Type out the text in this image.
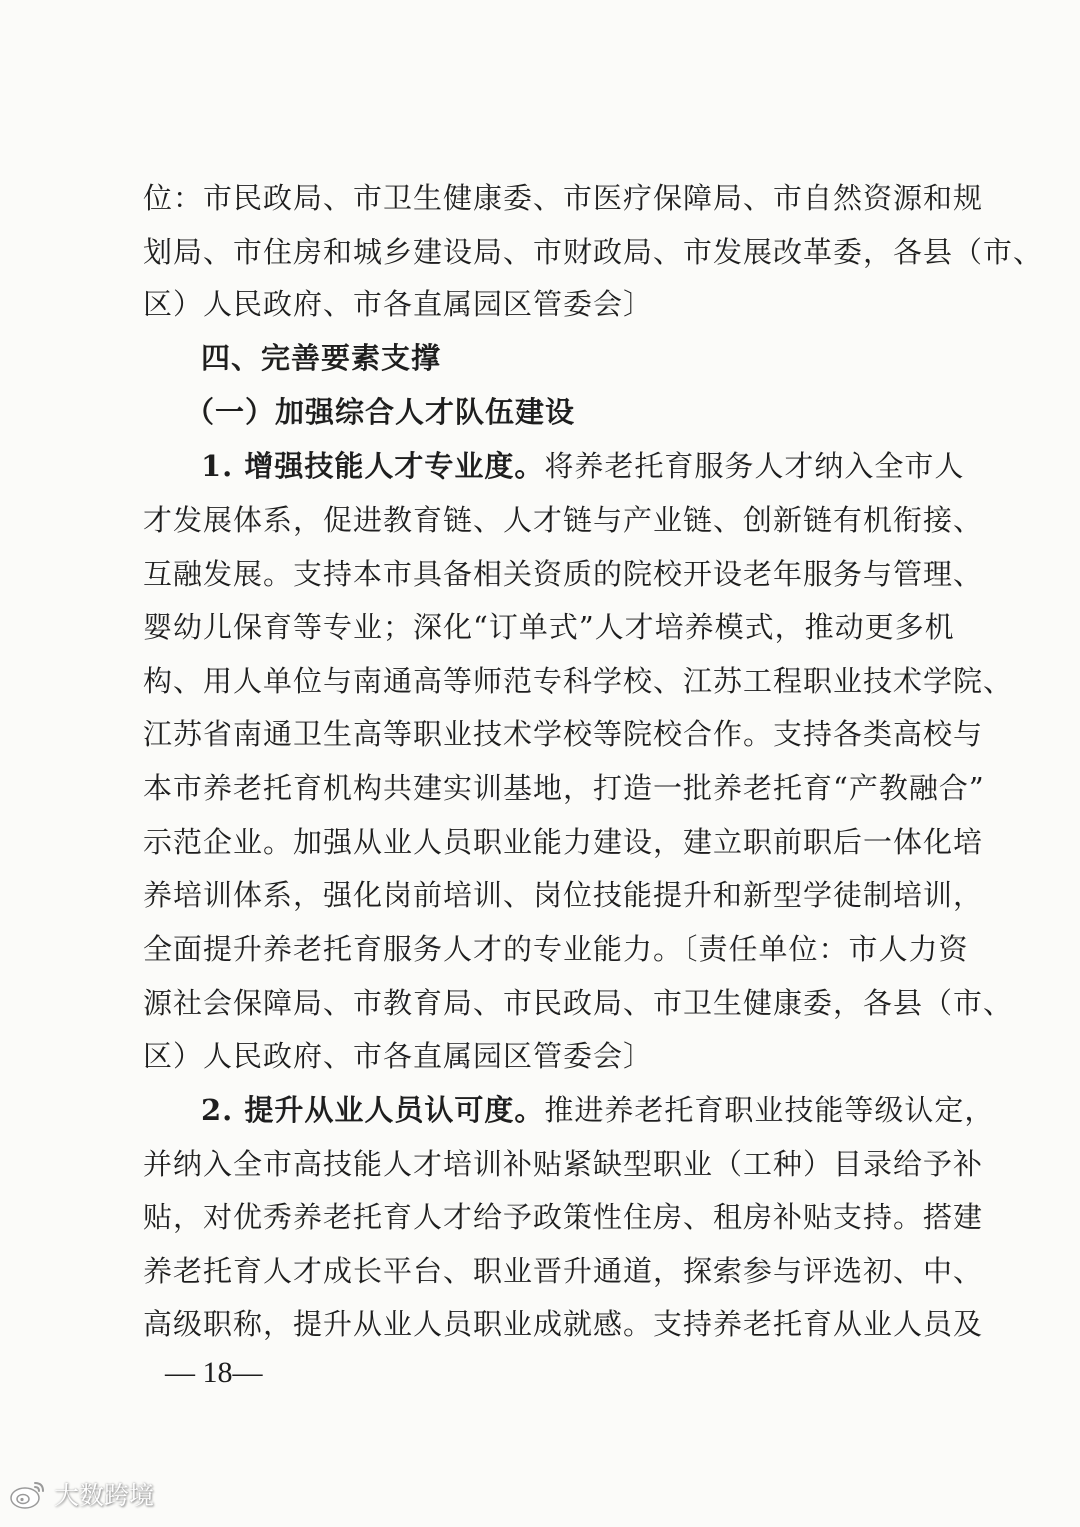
位：市民政局、市卫生健康委、市医疗保障局、市自然资源和规
划局、市住房和城乡建设局、市财政局、市发展改革委，各县（市、
区）人民政府、市各直属园区管委会〕
四、完善要素支撑
（一）加强综合人才队伍建设
1. 增强技能人才专业度。将养老托育服务人才纳入全市人
才发展体系，促进教育链、人才链与产业链、创新链有机衔接、
互融发展。支持本市具备相关资质的院校开设老年服务与管理、
婴幼儿保育等专业；深化“订单式”人才培养模式，推动更多机
构、用人单位与南通高等师范专科学校、江苏工程职业技术学院、
江苏省南通卫生高等职业技术学校等院校合作。支持各类高校与
本市养老托育机构共建实训基地，打造一批养老托育“产教融合”
示范企业。加强从业人员职业能力建设，建立职前职后一体化培
养培训体系，强化岗前培训、岗位技能提升和新型学徒制培训，
全面提升养老托育服务人才的专业能力。〔责任单位：市人力资
源社会保障局、市教育局、市民政局、市卫生健康委，各县（市、
区）人民政府、市各直属园区管委会〕
2. 提升从业人员认可度。推进养老托育职业技能等级认定，
并纳入全市高技能人才培训补贴紧缺型职业（工种）目录给予补
贴，对优秀养老托育人才给予政策性住房、租房补贴支持。搭建
养老托育人才成长平台、职业晋升通道，探索参与评选初、中、
高级职称，提升从业人员职业成就感。支持养老托育从业人员及
— 18—
大数跨境
